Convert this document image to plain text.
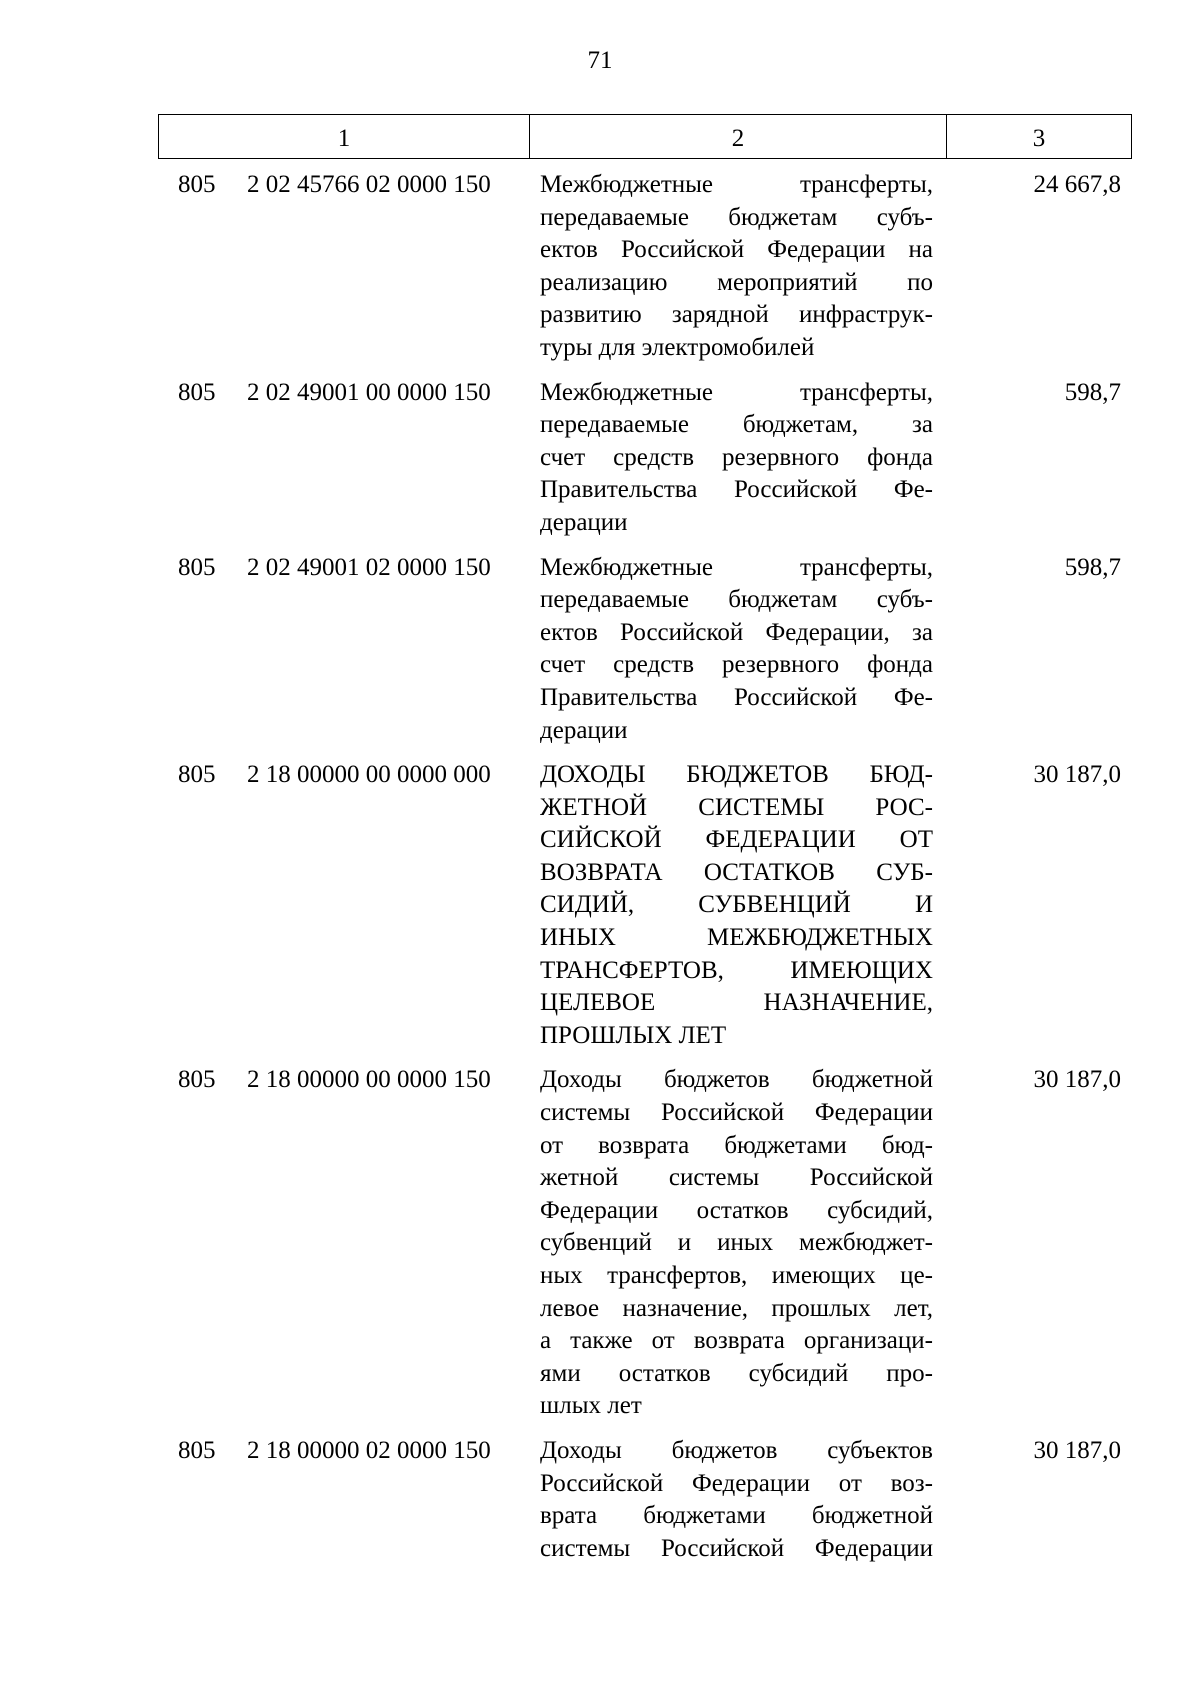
71
1	2	3
805 2 02 45766 02 0000 150 Межбюджетные трансферты,
передаваемые бюджетам субъ-
ектов Российской Федерации на
реализацию мероприятий по
развитию зарядной инфраструк-
туры для электромобилей
24 667,8
805 2 02 49001 00 0000 150 Межбюджетные трансферты,
передаваемые бюджетам, за
счет средств резервного фонда
Правительства Российской Фе-
дерации
598,7
805 2 02 49001 02 0000 150 Межбюджетные трансферты,
передаваемые бюджетам субъ-
ектов Российской Федерации, за
счет средств резервного фонда
Правительства Российской Фе-
дерации
598,7
805 2 18 00000 00 0000 000 ДОХОДЫ БЮДЖЕТОВ БЮД-
ЖЕТНОЙ СИСТЕМЫ РОС-
СИЙСКОЙ ФЕДЕРАЦИИ ОТ
ВОЗВРАТА ОСТАТКОВ СУБ-
СИДИЙ, СУБВЕНЦИЙ И
ИНЫХ МЕЖБЮДЖЕТНЫХ
ТРАНСФЕРТОВ, ИМЕЮЩИХ
ЦЕЛЕВОЕ НАЗНАЧЕНИЕ,
ПРОШЛЫХ ЛЕТ
30 187,0
805 2 18 00000 00 0000 150 Доходы бюджетов бюджетной
системы Российской Федерации
от возврата бюджетами бюд-
жетной системы Российской
Федерации остатков субсидий,
субвенций и иных межбюджет-
ных трансфертов, имеющих це-
левое назначение, прошлых лет,
а также от возврата организаци-
ями остатков субсидий про-
шлых лет
30 187,0
805 2 18 00000 02 0000 150 Доходы бюджетов субъектов
Российской Федерации от воз-
врата бюджетами бюджетной
системы Российской Федерации
30 187,0
